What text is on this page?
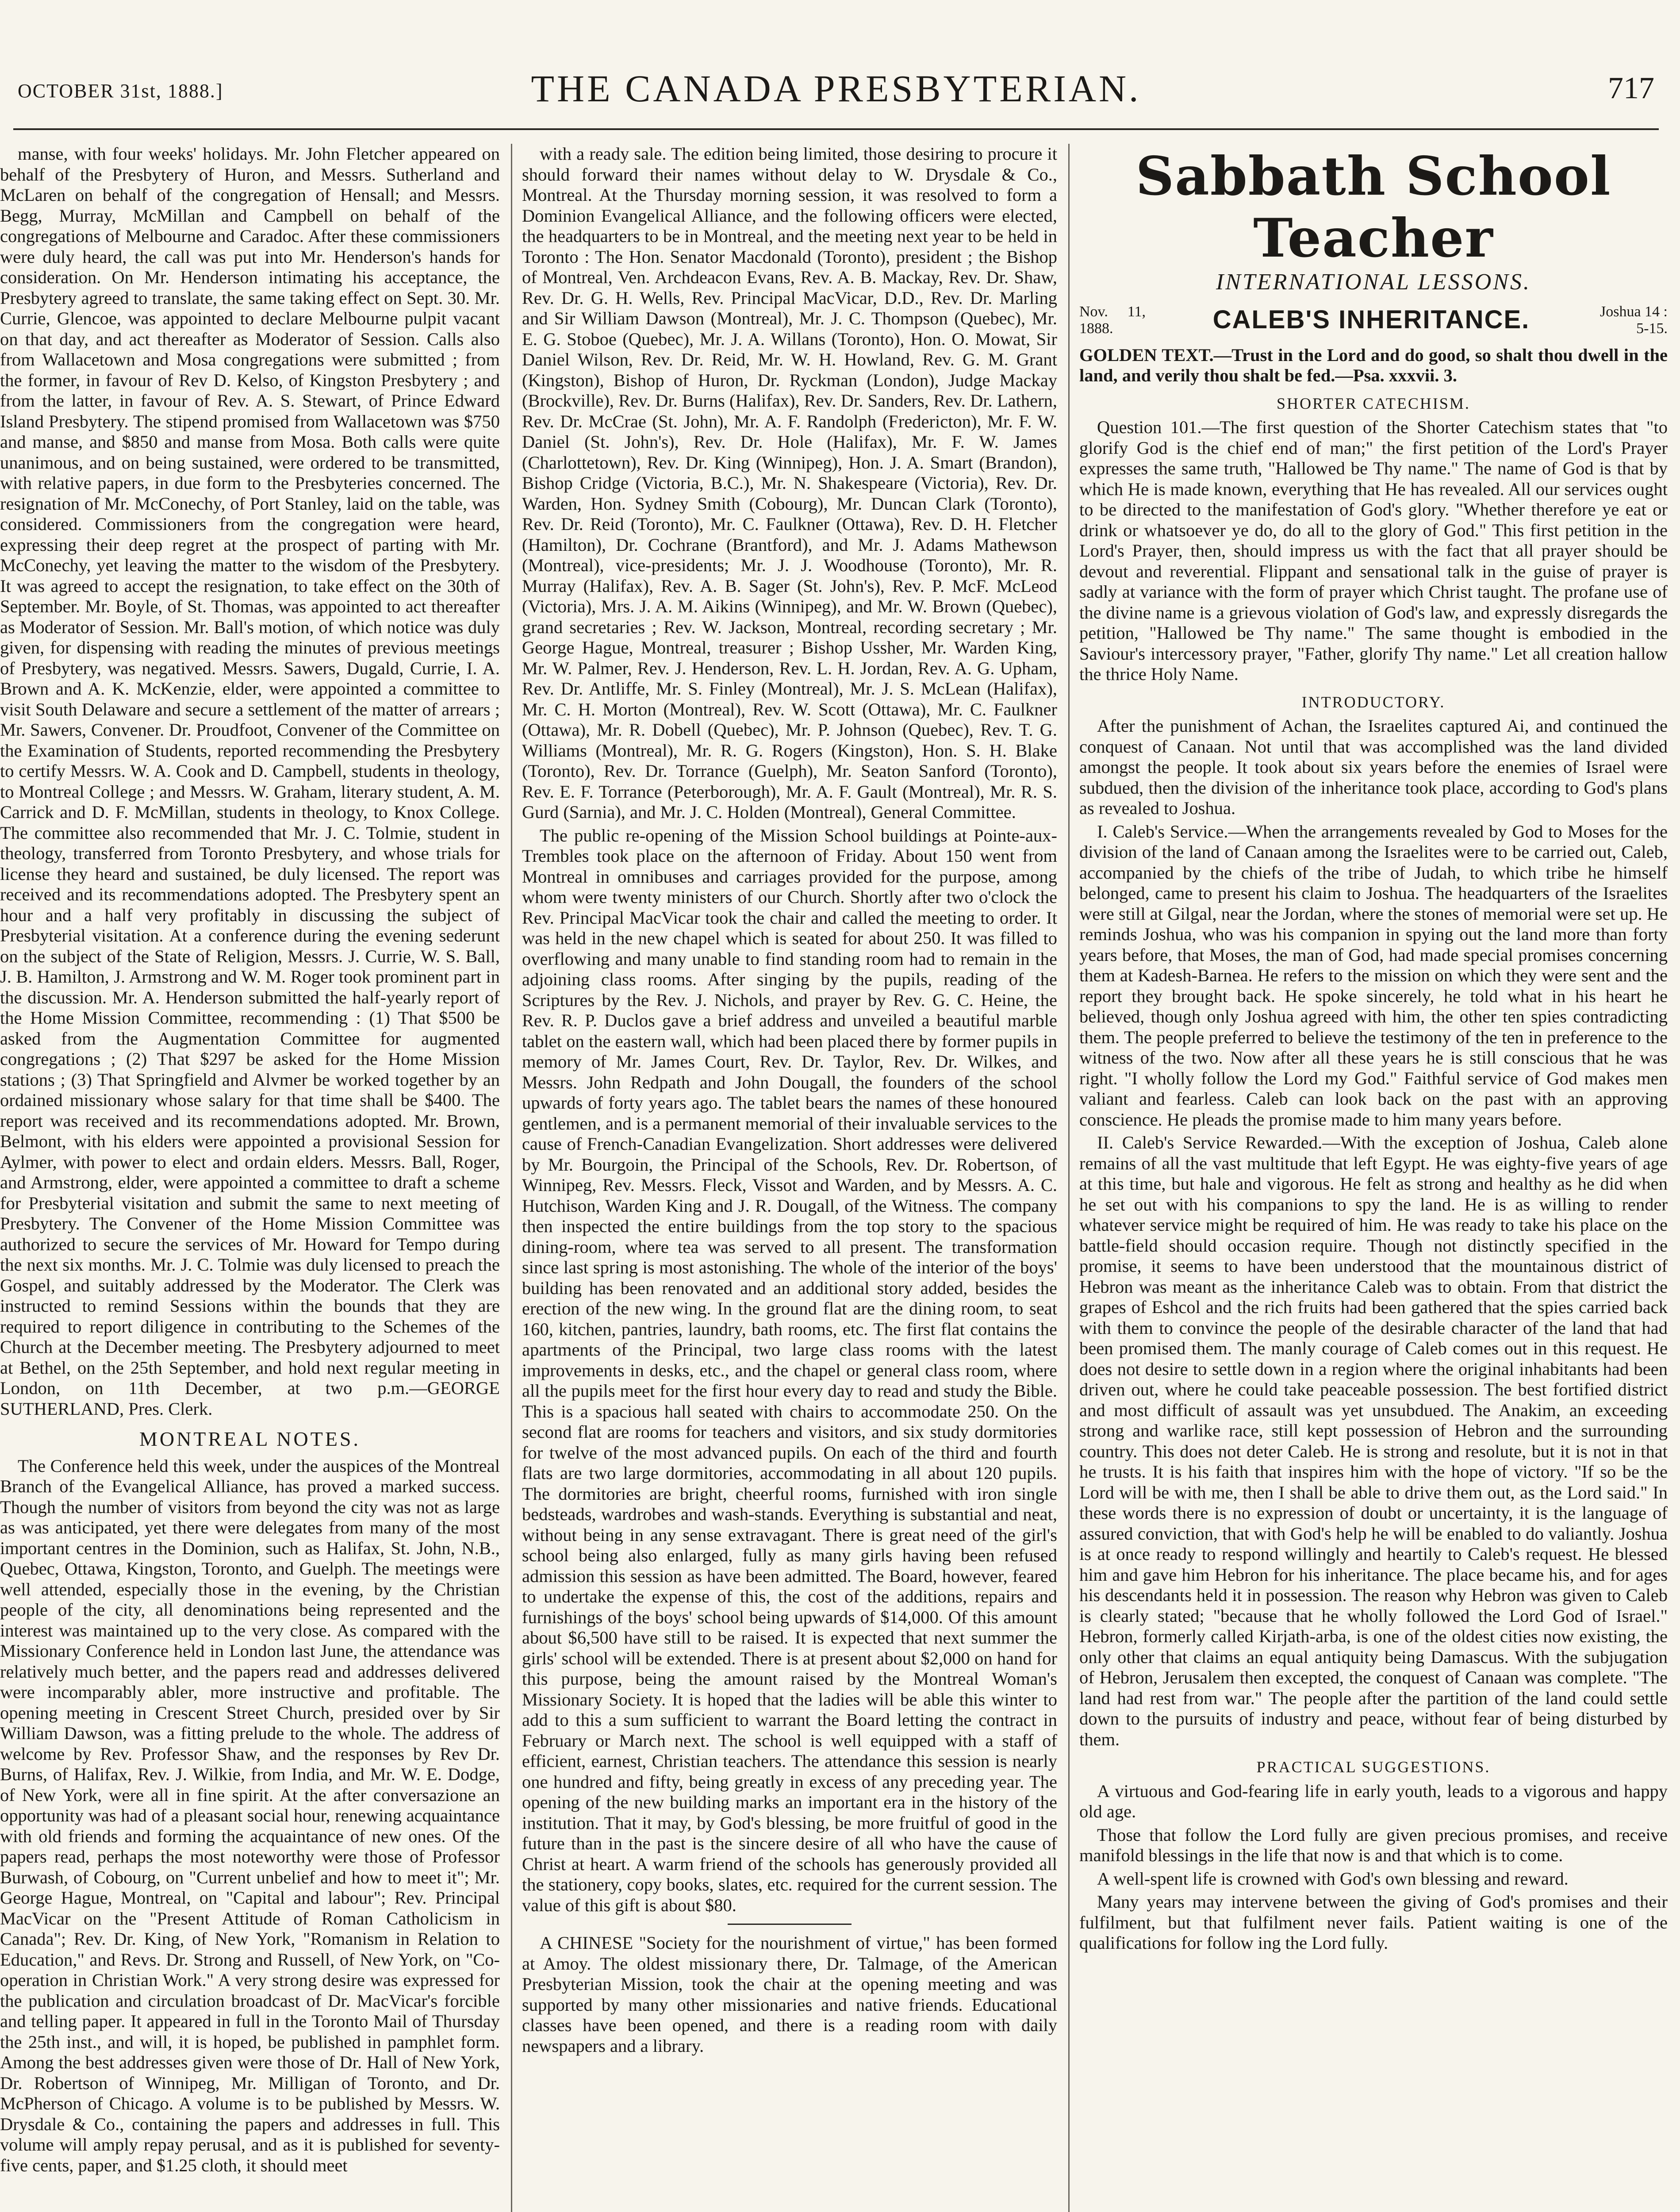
OCTOBER 31st, 1888.]	THE CANADA PRESBYTERIAN.	717

manse, with four weeks' holidays. Mr. John Fletcher appeared on behalf of the Presbytery of Huron, and Messrs. Sutherland and McLaren on behalf of the congregation of Hensall; and Messrs. Begg, Murray, McMillan and Campbell on behalf of the congregations of Melbourne and Caradoc. After these commissioners were duly heard, the call was put into Mr. Henderson's hands for consideration. On Mr. Henderson intimating his acceptance, the Presbytery agreed to translate, the same taking effect on Sept. 30. Mr. Currie, Glencoe, was appointed to declare Melbourne pulpit vacant on that day, and act thereafter as Moderator of Session. Calls also from Wallacetown and Mosa congregations were submitted ; from the former, in favour of Rev D. Kelso, of Kingston Presbytery ; and from the latter, in favour of Rev. A. S. Stewart, of Prince Edward Island Presbytery. The stipend promised from Wallacetown was $750 and manse, and $850 and manse from Mosa. Both calls were quite unanimous, and on being sustained, were ordered to be transmitted, with relative papers, in due form to the Presbyteries concerned. The resignation of Mr. McConechy, of Port Stanley, laid on the table, was considered. Commissioners from the congregation were heard, expressing their deep regret at the prospect of parting with Mr. McConechy, yet leaving the matter to the wisdom of the Presbytery. It was agreed to accept the resignation, to take effect on the 30th of September. Mr. Boyle, of St. Thomas, was appointed to act thereafter as Moderator of Session. Mr. Ball's motion, of which notice was duly given, for dispensing with reading the minutes of previous meetings of Presbytery, was negatived. Messrs. Sawers, Dugald, Currie, I. A. Brown and A. K. McKenzie, elder, were appointed a committee to visit South Delaware and secure a settlement of the matter of arrears ; Mr. Sawers, Convener. Dr. Proudfoot, Convener of the Committee on the Examination of Students, reported recommending the Presbytery to certify Messrs. W. A. Cook and D. Campbell, students in theology, to Montreal College ; and Messrs. W. Graham, literary student, A. M. Carrick and D. F. McMillan, students in theology, to Knox College. The committee also recommended that Mr. J. C. Tolmie, student in theology, transferred from Toronto Presbytery, and whose trials for license they heard and sustained, be duly licensed. The report was received and its recommendations adopted. The Presbytery spent an hour and a half very profitably in discussing the subject of Presbyterial visitation. At a conference during the evening sederunt on the subject of the State of Religion, Messrs. J. Currie, W. S. Ball, J. B. Hamilton, J. Armstrong and W. M. Roger took prominent part in the discussion. Mr. A. Henderson submitted the half-yearly report of the Home Mission Committee, recommending : (1) That $500 be asked from the Augmentation Committee for augmented congregations ; (2) That $297 be asked for the Home Mission stations ; (3) That Springfield and Alvmer be worked together by an ordained missionary whose salary for that time shall be $400. The report was received and its recommendations adopted. Mr. Brown, Belmont, with his elders were appointed a provisional Session for Aylmer, with power to elect and ordain elders. Messrs. Ball, Roger, and Armstrong, elder, were appointed a committee to draft a scheme for Presbyterial visitation and submit the same to next meeting of Presbytery. The Convener of the Home Mission Committee was authorized to secure the services of Mr. Howard for Tempo during the next six months. Mr. J. C. Tolmie was duly licensed to preach the Gospel, and suitably addressed by the Moderator. The Clerk was instructed to remind Sessions within the bounds that they are required to report diligence in contributing to the Schemes of the Church at the December meeting. The Presbytery adjourned to meet at Bethel, on the 25th September, and hold next regular meeting in London, on 11th December, at two p.m.—GEORGE SUTHERLAND, Pres. Clerk.

MONTREAL NOTES.

The Conference held this week, under the auspices of the Montreal Branch of the Evangelical Alliance, has proved a marked success. Though the number of visitors from beyond the city was not as large as was anticipated, yet there were delegates from many of the most important centres in the Dominion, such as Halifax, St. John, N.B., Quebec, Ottawa, Kingston, Toronto, and Guelph. The meetings were well attended, especially those in the evening, by the Christian people of the city, all denominations being represented and the interest was maintained up to the very close. As compared with the Missionary Conference held in London last June, the attendance was relatively much better, and the papers read and addresses delivered were incomparably abler, more instructive and profitable. The opening meeting in Crescent Street Church, presided over by Sir William Dawson, was a fitting prelude to the whole. The address of welcome by Rev. Professor Shaw, and the responses by Rev Dr. Burns, of Halifax, Rev. J. Wilkie, from India, and Mr. W. E. Dodge, of New York, were all in fine spirit. At the after conversazione an opportunity was had of a pleasant social hour, renewing acquaintance with old friends and forming the acquaintance of new ones. Of the papers read, perhaps the most noteworthy were those of Professor Burwash, of Cobourg, on "Current unbelief and how to meet it"; Mr. George Hague, Montreal, on "Capital and labour"; Rev. Principal MacVicar on the "Present Attitude of Roman Catholicism in Canada"; Rev. Dr. King, of New York, "Romanism in Relation to Education," and Revs. Dr. Strong and Russell, of New York, on "Co-operation in Christian Work." A very strong desire was expressed for the publication and circulation broadcast of Dr. MacVicar's forcible and telling paper. It appeared in full in the Toronto Mail of Thursday the 25th inst., and will, it is hoped, be published in pamphlet form. Among the best addresses given were those of Dr. Hall of New York, Dr. Robertson of Winnipeg, Mr. Milligan of Toronto, and Dr. McPherson of Chicago. A volume is to be published by Messrs. W. Drysdale & Co., containing the papers and addresses in full. This volume will amply repay perusal, and as it is published for seventy-five cents, paper, and $1.25 cloth, it should meet

with a ready sale. The edition being limited, those desiring to procure it should forward their names without delay to W. Drysdale & Co., Montreal. At the Thursday morning session, it was resolved to form a Dominion Evangelical Alliance, and the following officers were elected, the headquarters to be in Montreal, and the meeting next year to be held in Toronto : The Hon. Senator Macdonald (Toronto), president ; the Bishop of Montreal, Ven. Archdeacon Evans, Rev. A. B. Mackay, Rev. Dr. Shaw, Rev. Dr. G. H. Wells, Rev. Principal MacVicar, D.D., Rev. Dr. Marling and Sir William Dawson (Montreal), Mr. J. C. Thompson (Quebec), Mr. E. G. Stoboe (Quebec), Mr. J. A. Willans (Toronto), Hon. O. Mowat, Sir Daniel Wilson, Rev. Dr. Reid, Mr. W. H. Howland, Rev. G. M. Grant (Kingston), Bishop of Huron, Dr. Ryckman (London), Judge Mackay (Brockville), Rev. Dr. Burns (Halifax), Rev. Dr. Sanders, Rev. Dr. Lathern, Rev. Dr. McCrae (St. John), Mr. A. F. Randolph (Fredericton), Mr. F. W. Daniel (St. John's), Rev. Dr. Hole (Halifax), Mr. F. W. James (Charlottetown), Rev. Dr. King (Winnipeg), Hon. J. A. Smart (Brandon), Bishop Cridge (Victoria, B.C.), Mr. N. Shakespeare (Victoria), Rev. Dr. Warden, Hon. Sydney Smith (Cobourg), Mr. Duncan Clark (Toronto), Rev. Dr. Reid (Toronto), Mr. C. Faulkner (Ottawa), Rev. D. H. Fletcher (Hamilton), Dr. Cochrane (Brantford), and Mr. J. Adams Mathewson (Montreal), vice-presidents; Mr. J. J. Woodhouse (Toronto), Mr. R. Murray (Halifax), Rev. A. B. Sager (St. John's), Rev. P. McF. McLeod (Victoria), Mrs. J. A. M. Aikins (Winnipeg), and Mr. W. Brown (Quebec), grand secretaries ; Rev. W. Jackson, Montreal, recording secretary ; Mr. George Hague, Montreal, treasurer ; Bishop Ussher, Mr. Warden King, Mr. W. Palmer, Rev. J. Henderson, Rev. L. H. Jordan, Rev. A. G. Upham, Rev. Dr. Antliffe, Mr. S. Finley (Montreal), Mr. J. S. McLean (Halifax), Mr. C. H. Morton (Montreal), Rev. W. Scott (Ottawa), Mr. C. Faulkner (Ottawa), Mr. R. Dobell (Quebec), Mr. P. Johnson (Quebec), Rev. T. G. Williams (Montreal), Mr. R. G. Rogers (Kingston), Hon. S. H. Blake (Toronto), Rev. Dr. Torrance (Guelph), Mr. Seaton Sanford (Toronto), Rev. E. F. Torrance (Peterborough), Mr. A. F. Gault (Montreal), Mr. R. S. Gurd (Sarnia), and Mr. J. C. Holden (Montreal), General Committee.

The public re-opening of the Mission School buildings at Pointe-aux-Trembles took place on the afternoon of Friday. About 150 went from Montreal in omnibuses and carriages provided for the purpose, among whom were twenty ministers of our Church. Shortly after two o'clock the Rev. Principal MacVicar took the chair and called the meeting to order. It was held in the new chapel which is seated for about 250. It was filled to overflowing and many unable to find standing room had to remain in the adjoining class rooms. After singing by the pupils, reading of the Scriptures by the Rev. J. Nichols, and prayer by Rev. G. C. Heine, the Rev. R. P. Duclos gave a brief address and unveiled a beautiful marble tablet on the eastern wall, which had been placed there by former pupils in memory of Mr. James Court, Rev. Dr. Taylor, Rev. Dr. Wilkes, and Messrs. John Redpath and John Dougall, the founders of the school upwards of forty years ago. The tablet bears the names of these honoured gentlemen, and is a permanent memorial of their invaluable services to the cause of French-Canadian Evangelization. Short addresses were delivered by Mr. Bourgoin, the Principal of the Schools, Rev. Dr. Robertson, of Winnipeg, Rev. Messrs. Fleck, Vissot and Warden, and by Messrs. A. C. Hutchison, Warden King and J. R. Dougall, of the Witness. The company then inspected the entire buildings from the top story to the spacious dining-room, where tea was served to all present. The transformation since last spring is most astonishing. The whole of the interior of the boys' building has been renovated and an additional story added, besides the erection of the new wing. In the ground flat are the dining room, to seat 160, kitchen, pantries, laundry, bath rooms, etc. The first flat contains the apartments of the Principal, two large class rooms with the latest improvements in desks, etc., and the chapel or general class room, where all the pupils meet for the first hour every day to read and study the Bible. This is a spacious hall seated with chairs to accommodate 250. On the second flat are rooms for teachers and visitors, and six study dormitories for twelve of the most advanced pupils. On each of the third and fourth flats are two large dormitories, accommodating in all about 120 pupils. The dormitories are bright, cheerful rooms, furnished with iron single bedsteads, wardrobes and wash-stands. Everything is substantial and neat, without being in any sense extravagant. There is great need of the girl's school being also enlarged, fully as many girls having been refused admission this session as have been admitted. The Board, however, feared to undertake the expense of this, the cost of the additions, repairs and furnishings of the boys' school being upwards of $14,000. Of this amount about $6,500 have still to be raised. It is expected that next summer the girls' school will be extended. There is at present about $2,000 on hand for this purpose, being the amount raised by the Montreal Woman's Missionary Society. It is hoped that the ladies will be able this winter to add to this a sum sufficient to warrant the Board letting the contract in February or March next. The school is well equipped with a staff of efficient, earnest, Christian teachers. The attendance this session is nearly one hundred and fifty, being greatly in excess of any preceding year. The opening of the new building marks an important era in the history of the institution. That it may, by God's blessing, be more fruitful of good in the future than in the past is the sincere desire of all who have the cause of Christ at heart. A warm friend of the schools has generously provided all the stationery, copy books, slates, etc. required for the current session. The value of this gift is about $80.

A CHINESE "Society for the nourishment of virtue," has been formed at Amoy. The oldest missionary there, Dr. Talmage, of the American Presbyterian Mission, took the chair at the opening meeting and was supported by many other missionaries and native friends. Educational classes have been opened, and there is a reading room with daily newspapers and a library.

Sabbath School Teacher
INTERNATIONAL LESSONS.
Nov. 11, 1888.	CALEB'S INHERITANCE.	Joshua 14 : 5-15.

GOLDEN TEXT.—Trust in the Lord and do good, so shalt thou dwell in the land, and verily thou shalt be fed.—Psa. xxxvii. 3.

SHORTER CATECHISM.

Question 101.—The first question of the Shorter Catechism states that "to glorify God is the chief end of man;" the first petition of the Lord's Prayer expresses the same truth, "Hallowed be Thy name." The name of God is that by which He is made known, everything that He has revealed. All our services ought to be directed to the manifestation of God's glory. "Whether therefore ye eat or drink or whatsoever ye do, do all to the glory of God." This first petition in the Lord's Prayer, then, should impress us with the fact that all prayer should be devout and reverential. Flippant and sensational talk in the guise of prayer is sadly at variance with the form of prayer which Christ taught. The profane use of the divine name is a grievous violation of God's law, and expressly disregards the petition, "Hallowed be Thy name." The same thought is embodied in the Saviour's intercessory prayer, "Father, glorify Thy name." Let all creation hallow the thrice Holy Name.

INTRODUCTORY.

After the punishment of Achan, the Israelites captured Ai, and continued the conquest of Canaan. Not until that was accomplished was the land divided amongst the people. It took about six years before the enemies of Israel were subdued, then the division of the inheritance took place, according to God's plans as revealed to Joshua.

I. Caleb's Service.—When the arrangements revealed by God to Moses for the division of the land of Canaan among the Israelites were to be carried out, Caleb, accompanied by the chiefs of the tribe of Judah, to which tribe he himself belonged, came to present his claim to Joshua. The headquarters of the Israelites were still at Gilgal, near the Jordan, where the stones of memorial were set up. He reminds Joshua, who was his companion in spying out the land more than forty years before, that Moses, the man of God, had made special promises concerning them at Kadesh-Barnea. He refers to the mission on which they were sent and the report they brought back. He spoke sincerely, he told what in his heart he believed, though only Joshua agreed with him, the other ten spies contradicting them. The people preferred to believe the testimony of the ten in preference to the witness of the two. Now after all these years he is still conscious that he was right. "I wholly follow the Lord my God." Faithful service of God makes men valiant and fearless. Caleb can look back on the past with an approving conscience. He pleads the promise made to him many years before.

II. Caleb's Service Rewarded.—With the exception of Joshua, Caleb alone remains of all the vast multitude that left Egypt. He was eighty-five years of age at this time, but hale and vigorous. He felt as strong and healthy as he did when he set out with his companions to spy the land. He is as willing to render whatever service might be required of him. He was ready to take his place on the battle-field should occasion require. Though not distinctly specified in the promise, it seems to have been understood that the mountainous district of Hebron was meant as the inheritance Caleb was to obtain. From that district the grapes of Eshcol and the rich fruits had been gathered that the spies carried back with them to convince the people of the desirable character of the land that had been promised them. The manly courage of Caleb comes out in this request. He does not desire to settle down in a region where the original inhabitants had been driven out, where he could take peaceable possession. The best fortified district and most difficult of assault was yet unsubdued. The Anakim, an exceeding strong and warlike race, still kept possession of Hebron and the surrounding country. This does not deter Caleb. He is strong and resolute, but it is not in that he trusts. It is his faith that inspires him with the hope of victory. "If so be the Lord will be with me, then I shall be able to drive them out, as the Lord said." In these words there is no expression of doubt or uncertainty, it is the language of assured conviction, that with God's help he will be enabled to do valiantly. Joshua is at once ready to respond willingly and heartily to Caleb's request. He blessed him and gave him Hebron for his inheritance. The place became his, and for ages his descendants held it in possession. The reason why Hebron was given to Caleb is clearly stated; "because that he wholly followed the Lord God of Israel." Hebron, formerly called Kirjath-arba, is one of the oldest cities now existing, the only other that claims an equal antiquity being Damascus. With the subjugation of Hebron, Jerusalem then excepted, the conquest of Canaan was complete. "The land had rest from war." The people after the partition of the land could settle down to the pursuits of industry and peace, without fear of being disturbed by them.

PRACTICAL SUGGESTIONS.

A virtuous and God-fearing life in early youth, leads to a vigorous and happy old age.

Those that follow the Lord fully are given precious promises, and receive manifold blessings in the life that now is and that which is to come.

A well-spent life is crowned with God's own blessing and reward.

Many years may intervene between the giving of God's promises and their fulfilment, but that fulfilment never fails. Patient waiting is one of the qualifications for follow ing the Lord fully.
